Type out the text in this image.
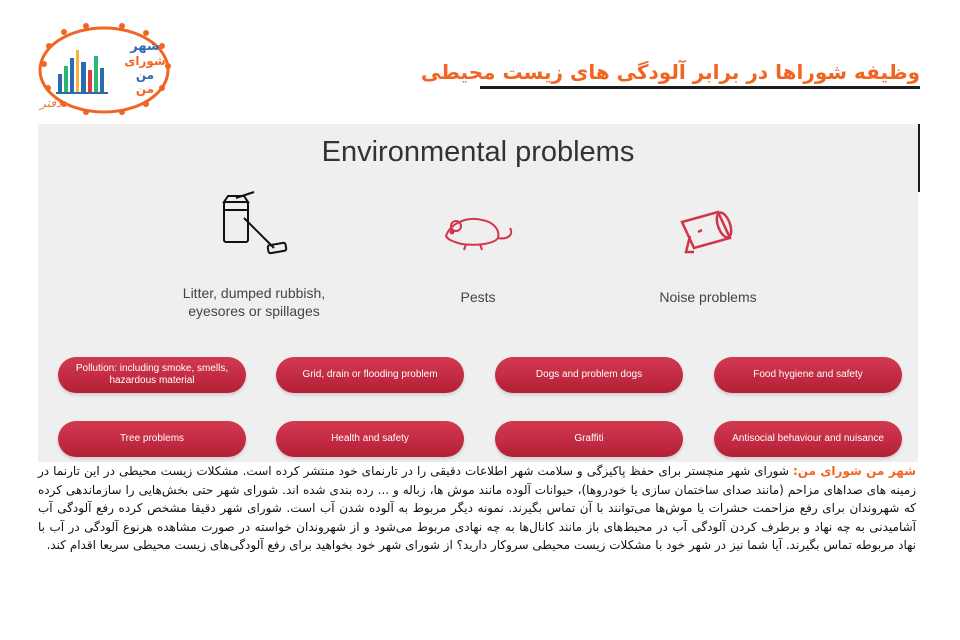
شهر
شورای
من
من
دفتر
وظیفه شوراها در برابر آلودگی های زیست محیطی
Environmental problems
Litter, dumped rubbish, eyesores or spillages
Pests	Noise problems
Pollution: including smoke, smells, hazardous material
Grid, drain or flooding problem	Dogs and problem dogs	Food hygiene and safety
Tree problems	Health and safety	Graffiti	Antisocial behaviour and nuisance
شهر من شورای من: شورای شهر منچستر برای حفظ پاکیزگی و سلامت شهر اطلاعات دقیقی را در تارنمای خود منتشر کرده است. مشکلات زیست محیطی در این تارنما در زمینه های صداهای مزاحم (مانند صدای ساختمان سازی یا خودروها)، حیوانات آلوده مانند موش ها، زباله و ... رده بندی شده اند. شورای شهر حتی بخش‌هایی را سازماندهی کرده که شهروندان برای رفع مزاحمت حشرات یا موش‌ها می‌توانند با آن تماس بگیرند. نمونه دیگر مربوط به آلوده شدن آب است. شورای شهر دقیقا مشخص کرده رفع آلودگی آب آشامیدنی به چه نهاد و برطرف کردن آلودگی آب در محیط‌های باز مانند کانال‌ها به چه نهادی مربوط می‌شود و از شهروندان خواسته در صورت مشاهده هرنوع آلودگی در آب با نهاد مربوطه تماس بگیرند. آیا شما نیز در شهر خود با مشکلات زیست محیطی سروکار دارید؟ از شورای شهر خود بخواهید برای رفع آلودگی‌های زیست محیطی سریعا اقدام کند.
